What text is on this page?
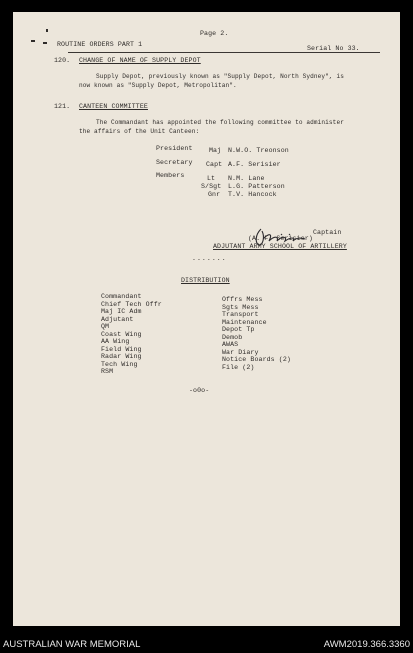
Page 2.
ROUTINE ORDERS PART 1
Serial No 33.
120. CHANGE OF NAME OF SUPPLY DEPOT
Supply Depot, previously known as "Supply Depot, North Sydney", is
now known as "Supply Depot, Metropolitan".
121. CANTEEN COMMITTEE
The Commandant has appointed the following committee to administer
the affairs of the Unit Canteen:
President Maj N.W.O. Treonson
Secretary Capt A.F. Serisier
Members	Lt N.M. Lane
S/Sgt L.G. Patterson
Gnr T.V. Hancock
Captain
(A. F. Serisier)
ADJUTANT ARMY SCHOOL OF ARTILLERY
.......
DISTRIBUTION
Commandant
Chief Tech Offr
Maj IC Adm
Adjutant
QM
Coast Wing
AA Wing
Field Wing
Radar Wing
Tech Wing
RSM
Offrs Mess
Sgts Mess
Transport
Maintenance
Depot Tp
Demob
AWAS
War Diary
Notice Boards (2)
File (2)
-o0o-
AUSTRALIAN WAR MEMORIAL	AWM2019.366.3360
